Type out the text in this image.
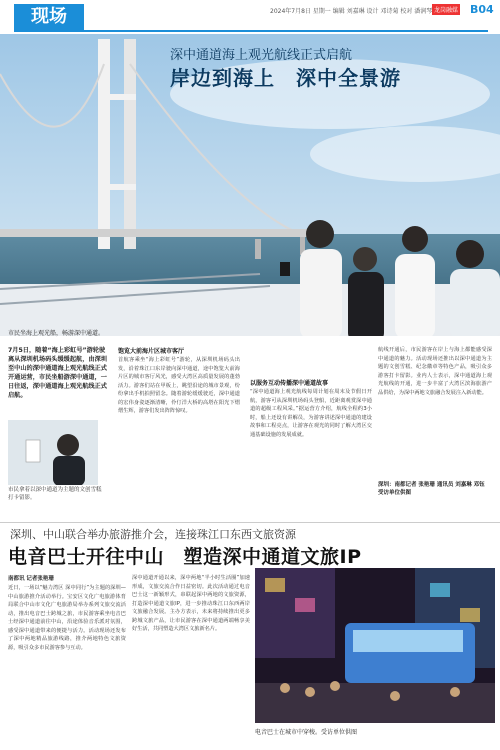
现场	2024年7月8日 星期一 编辑 刘嘉琳 设计 邓诗菊 校对 潘润琴 龙岗融媒 B04
深中通道海上观光航线正式启航
岸边到海上　深中全景游
市民坐海上观光船，畅游深中通道。
7月5日，随着“海上彩虹号”游轮驶离从深圳机场码头缓缓起航，由深圳至中山的深中通道海上观光航线正式开通运营，市民坐船游深中通道，一日往返，深中通道海上观光航线正式启航。
市民拿着以深中通道为主题的文创雪糕打卡留影。
饱览大前海片区城市客厅
首航客乘坐“海上彩虹号”游轮，从深圳机场码头出发，沿着珠江口东岸驶向深中通道，途中饱览大前海片区的城市客厅风光，感受大湾区高质量发展的蓬勃活力。游客们站在甲板上，眺望沿途的城市景观，纷纷拿出手机拍照留念。随着游轮缓缓驶近，深中通道的宏伟身姿逐渐清晰，伶仃洋大桥的高塔在阳光下熠熠生辉，游客们发出阵阵惊叹。
以服务互动传播深中通道故事
“深中通道海上观光航线每周计划在周末及节假日开航，游客可从深圳机场码头登船，近距离观赏深中通道的超级工程风采。”据运营方介绍，航线全程约3小时，船上还设有讲解员，为游客讲述深中通道的建设故事和工程亮点，让游客在观光的同时了解大湾区交通基础设施的发展成就。
航线开通后，市民游客在岸上与海上都能感受深中通道的魅力。活动现场还推出以深中通道为主题的文创雪糕、纪念徽章等特色产品，吸引众多游客打卡留影。业内人士表示，深中通道海上观光航线的开通，进一步丰富了大湾区滨海旅游产品供给，为深中两地文旅融合发展注入新动能。
深圳：南都记者 张艳珊 通讯员 刘嘉琳 邓钰 受访单位供图
深圳、中山联合举办旅游推介会，连接珠江口东西文旅资源
电音巴士开往中山　塑造深中通道文旅IP
南都讯 记者张艳珊
近日，一场以“魅力湾区 深中同行”为主题的深圳—中山旅游推介活动举行。宝安区文化广电旅游体育局联合中山市文化广电旅游局举办系列文旅交流活动，推出电音巴士跨城之旅，市民游客乘坐电音巴士经深中通道前往中山，沿途体验音乐派对氛围，感受深中通道带来的便捷与活力。活动现场还发布了深中两地精品旅游线路，推介两地特色文旅资源，吸引众多市民游客参与互动。
深中通道开通以来，深中两地“半小时生活圈”加速形成，文旅交流合作日益密切。此次活动通过电音巴士这一新颖形式，串联起深中两地的文旅资源，打造深中通道文旅IP，进一步推动珠江口东西两岸文旅融合发展。主办方表示，未来将持续推出更多跨城文旅产品，让市民游客在深中通道两端畅享美好生活，共同塑造大湾区文旅新名片。
电音巴士在城市中穿梭。受访单位供图
